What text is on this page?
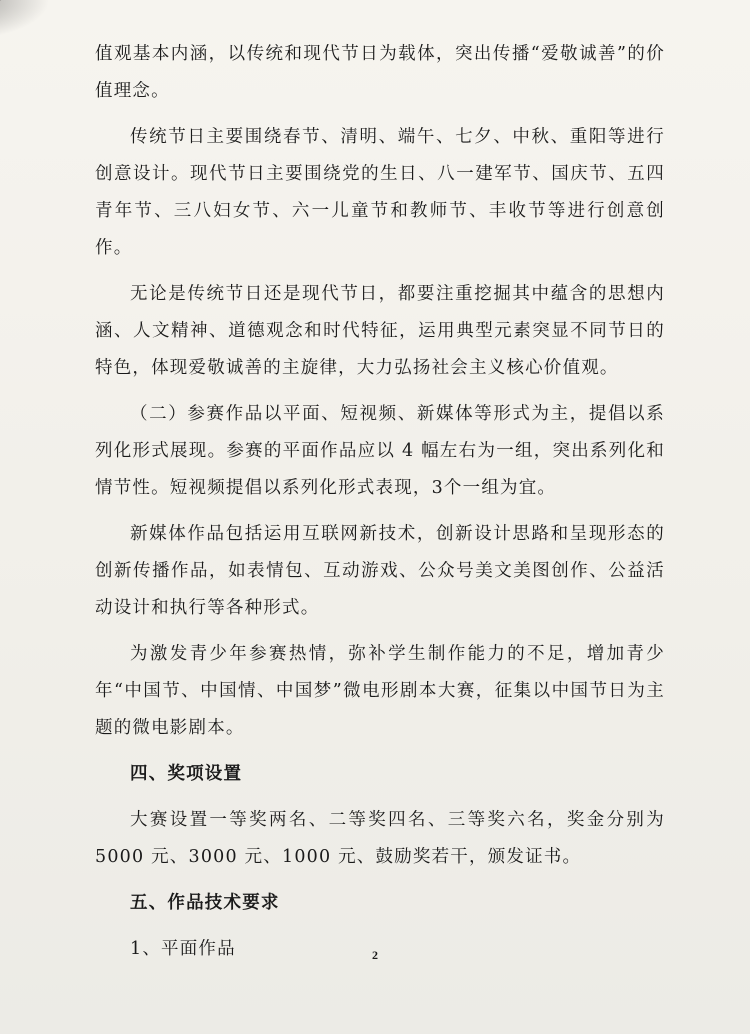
值观基本内涵，以传统和现代节日为载体，突出传播“爱敬诚善”的价值理念。

传统节日主要围绕春节、清明、端午、七夕、中秋、重阳等进行创意设计。现代节日主要围绕党的生日、八一建军节、国庆节、五四青年节、三八妇女节、六一儿童节和教师节、丰收节等进行创意创作。

无论是传统节日还是现代节日，都要注重挖掘其中蕴含的思想内涵、人文精神、道德观念和时代特征，运用典型元素突显不同节日的特色，体现爱敬诚善的主旋律，大力弘扬社会主义核心价值观。

（二）参赛作品以平面、短视频、新媒体等形式为主，提倡以系列化形式展现。参赛的平面作品应以 4 幅左右为一组，突出系列化和情节性。短视频提倡以系列化形式表现，3个一组为宜。

新媒体作品包括运用互联网新技术，创新设计思路和呈现形态的创新传播作品，如表情包、互动游戏、公众号美文美图创作、公益活动设计和执行等各种形式。

为激发青少年参赛热情，弥补学生制作能力的不足，增加青少年“中国节、中国情、中国梦”微电形剧本大赛，征集以中国节日为主题的微电影剧本。

四、奖项设置

大赛设置一等奖两名、二等奖四名、三等奖六名，奖金分别为 5000 元、3000 元、1000 元、鼓励奖若干，颁发证书。

五、作品技术要求

1、平面作品	2
